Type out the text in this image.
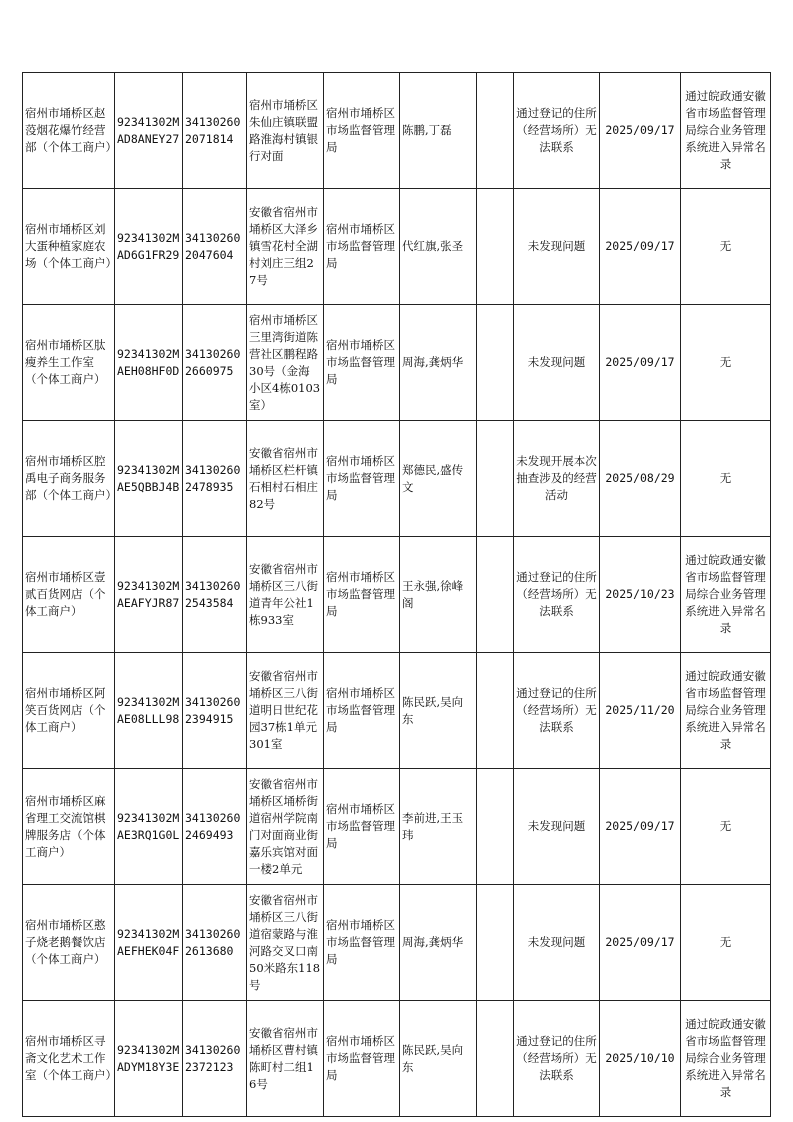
宿州市埇桥区赵莈烟花爆竹经营部（个体工商户）	92341302MAD8ANEY27	341302602071814	宿州市埇桥区朱仙庄镇联盟路淮海村镇银行对面	宿州市埇桥区市场监督管理局	陈鹏,丁磊		通过登记的住所（经营场所）无法联系	2025/09/17	通过皖政通安徽省市场监督管理局综合业务管理系统进入异常名录
宿州市埇桥区刘大蛋种植家庭农场（个体工商户）	92341302MAD6G1FR29	341302602047604	安徽省宿州市埇桥区大泽乡镇雪花村全湖村刘庄三组27号	宿州市埇桥区市场监督管理局	代红旗,张圣		未发现问题	2025/09/17	无
宿州市埇桥区肽瘦养生工作室（个体工商户）	92341302MAEH08HF0D	341302602660975	宿州市埇桥区三里湾街道陈营社区鹏程路30号（金海小区4栋0103室）	宿州市埇桥区市场监督管理局	周海,龚炳华		未发现问题	2025/09/17	无
宿州市埇桥区腔禹电子商务服务部（个体工商户）	92341302MAE5QBBJ4B	341302602478935	安徽省宿州市埇桥区栏杆镇石相村石相庄82号	宿州市埇桥区市场监督管理局	郑德民,盛传文		未发现开展本次抽查涉及的经营活动	2025/08/29	无
宿州市埇桥区壹贰百货网店（个体工商户）	92341302MAEAFYJR87	341302602543584	安徽省宿州市埇桥区三八街道青年公社1栋933室	宿州市埇桥区市场监督管理局	王永强,徐峰阁		通过登记的住所（经营场所）无法联系	2025/10/23	通过皖政通安徽省市场监督管理局综合业务管理系统进入异常名录
宿州市埇桥区阿笑百货网店（个体工商户）	92341302MAE08LLL98	341302602394915	安徽省宿州市埇桥区三八街道明日世纪花园37栋1单元301室	宿州市埇桥区市场监督管理局	陈民跃,吴向东		通过登记的住所（经营场所）无法联系	2025/11/20	通过皖政通安徽省市场监督管理局综合业务管理系统进入异常名录
宿州市埇桥区麻省理工交流馆棋牌服务店（个体工商户）	92341302MAE3RQ1G0L	341302602469493	安徽省宿州市埇桥区埇桥街道宿州学院南门对面商业街嘉乐宾馆对面一楼2单元	宿州市埇桥区市场监督管理局	李前进,王玉玮		未发现问题	2025/09/17	无
宿州市埇桥区憨子烧老鹅餐饮店（个体工商户）	92341302MAEFHEK04F	341302602613680	安徽省宿州市埇桥区三八街道宿蒙路与淮河路交叉口南50米路东118号	宿州市埇桥区市场监督管理局	周海,龚炳华		未发现问题	2025/09/17	无
宿州市埇桥区寻斋文化艺术工作室（个体工商户）	92341302MADYM18Y3E	341302602372123	安徽省宿州市埇桥区曹村镇陈町村二组16号	宿州市埇桥区市场监督管理局	陈民跃,吴向东		通过登记的住所（经营场所）无法联系	2025/10/10	通过皖政通安徽省市场监督管理局综合业务管理系统进入异常名录
